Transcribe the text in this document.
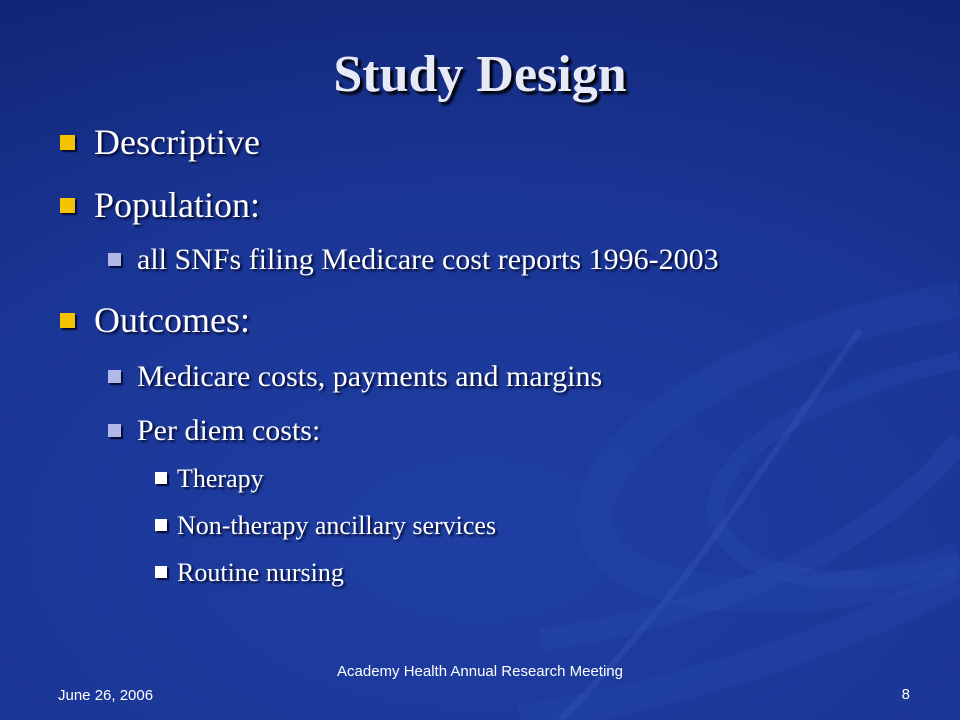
Study Design
Descriptive
Population:
all SNFs filing Medicare cost reports 1996-2003
Outcomes:
Medicare costs, payments and margins
Per diem costs:
Therapy
Non-therapy ancillary services
Routine nursing
June 26, 2006
Academy Health Annual Research Meeting
8
